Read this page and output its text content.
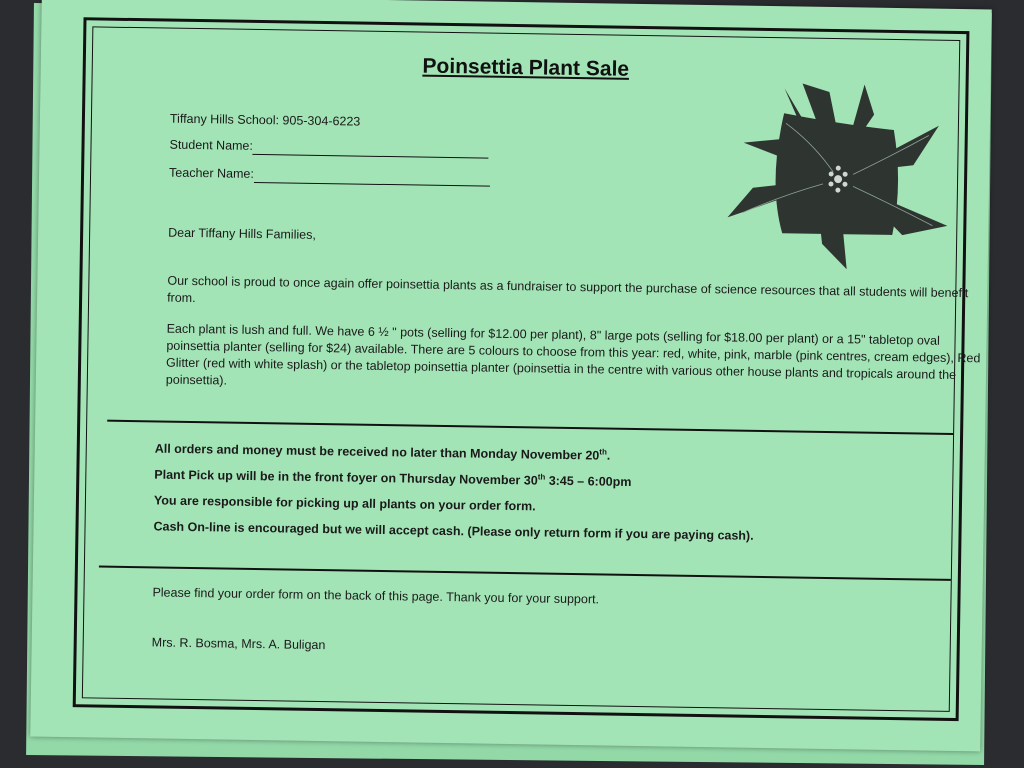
Poinsettia Plant Sale
Tiffany Hills School: 905-304-6223
Student Name:
Teacher Name:
Dear Tiffany Hills Families,
Our school is proud to once again offer poinsettia plants as a fundraiser to support the purchase of science resources that all students will benefit from.
Each plant is lush and full. We have 6 ½ " pots (selling for $12.00 per plant), 8" large pots (selling for $18.00 per plant) or a 15" tabletop oval poinsettia planter (selling for $24) available. There are 5 colours to choose from this year: red, white, pink, marble (pink centres, cream edges), Red Glitter (red with white splash) or the tabletop poinsettia planter (poinsettia in the centre with various other house plants and tropicals around the poinsettia).
All orders and money must be received no later than Monday November 20th.
Plant Pick up will be in the front foyer on Thursday November 30th 3:45 – 6:00pm
You are responsible for picking up all plants on your order form.
Cash On-line is encouraged but we will accept cash. (Please only return form if you are paying cash).
Please find your order form on the back of this page. Thank you for your support.
Mrs. R. Bosma, Mrs. A. Buligan
